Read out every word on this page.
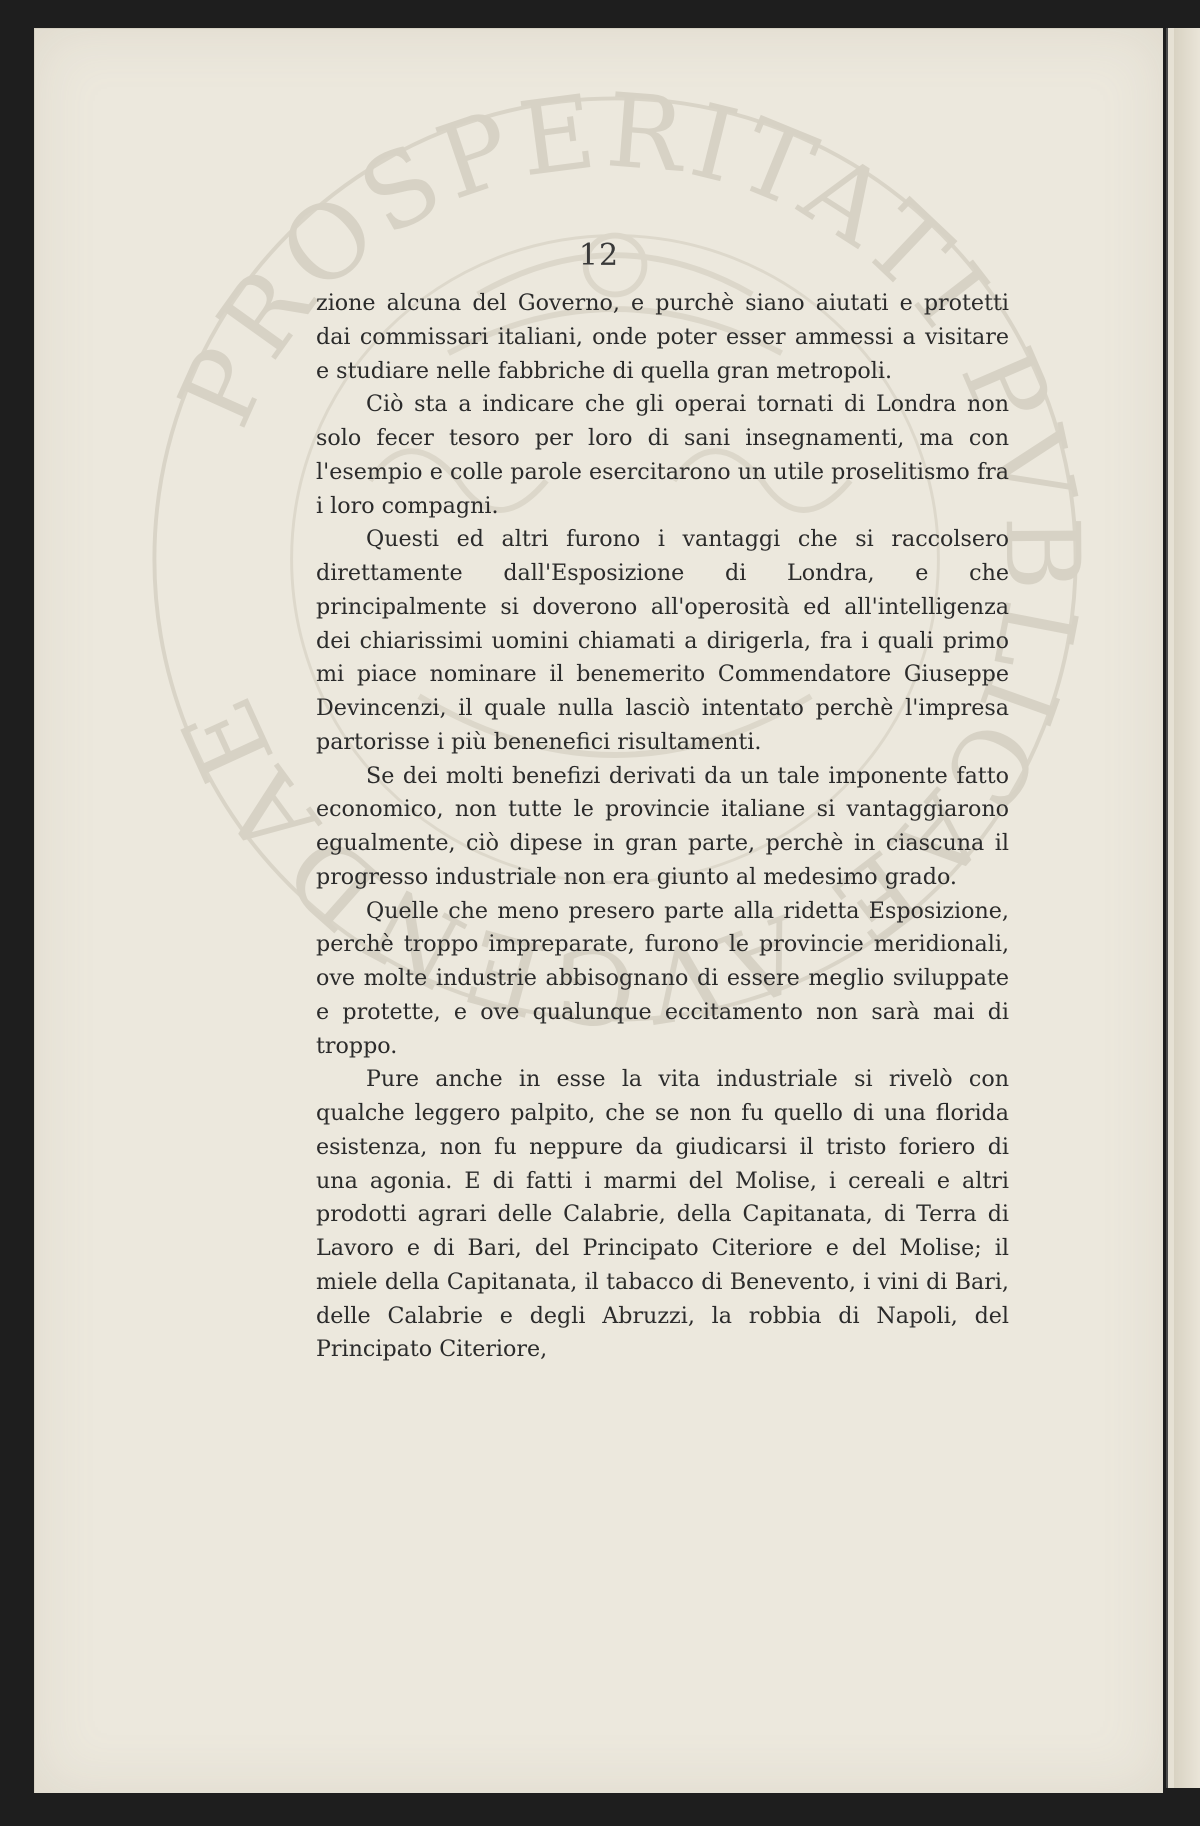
PROSPERITATI PVBLICAE AVGENDAE
12

zione alcuna del Governo, e purchè siano aiutati e protetti dai commissari italiani, onde poter esser ammessi a visitare e studiare nelle fabbriche di quella gran metropoli.

Ciò sta a indicare che gli operai tornati di Londra non solo fecer tesoro per loro di sani insegnamenti, ma con l'esempio e colle parole esercitarono un utile proselitismo fra i loro compagni.

Questi ed altri furono i vantaggi che si raccolsero direttamente dall'Esposizione di Londra, e che principalmente si doverono all'operosità ed all'intelligenza dei chiarissimi uomini chiamati a dirigerla, fra i quali primo mi piace nominare il benemerito Commendatore Giuseppe Devincenzi, il quale nulla lasciò intentato perchè l'impresa partorisse i più benenefici risultamenti.

Se dei molti benefizi derivati da un tale imponente fatto economico, non tutte le provincie italiane si vantaggiarono egualmente, ciò dipese in gran parte, perchè in ciascuna il progresso industriale non era giunto al medesimo grado.

Quelle che meno presero parte alla ridetta Esposizione, perchè troppo impreparate, furono le provincie meridionali, ove molte industrie abbisognano di essere meglio sviluppate e protette, e ove qualunque eccitamento non sarà mai di troppo.

Pure anche in esse la vita industriale si rivelò con qualche leggero palpito, che se non fu quello di una florida esistenza, non fu neppure da giudicarsi il tristo foriero di una agonia. E di fatti i marmi del Molise, i cereali e altri prodotti agrari delle Calabrie, della Capitanata, di Terra di Lavoro e di Bari, del Principato Citeriore e del Molise; il miele della Capitanata, il tabacco di Benevento, i vini di Bari, delle Calabrie e degli Abruzzi, la robbia di Napoli, del Principato Citeriore,
